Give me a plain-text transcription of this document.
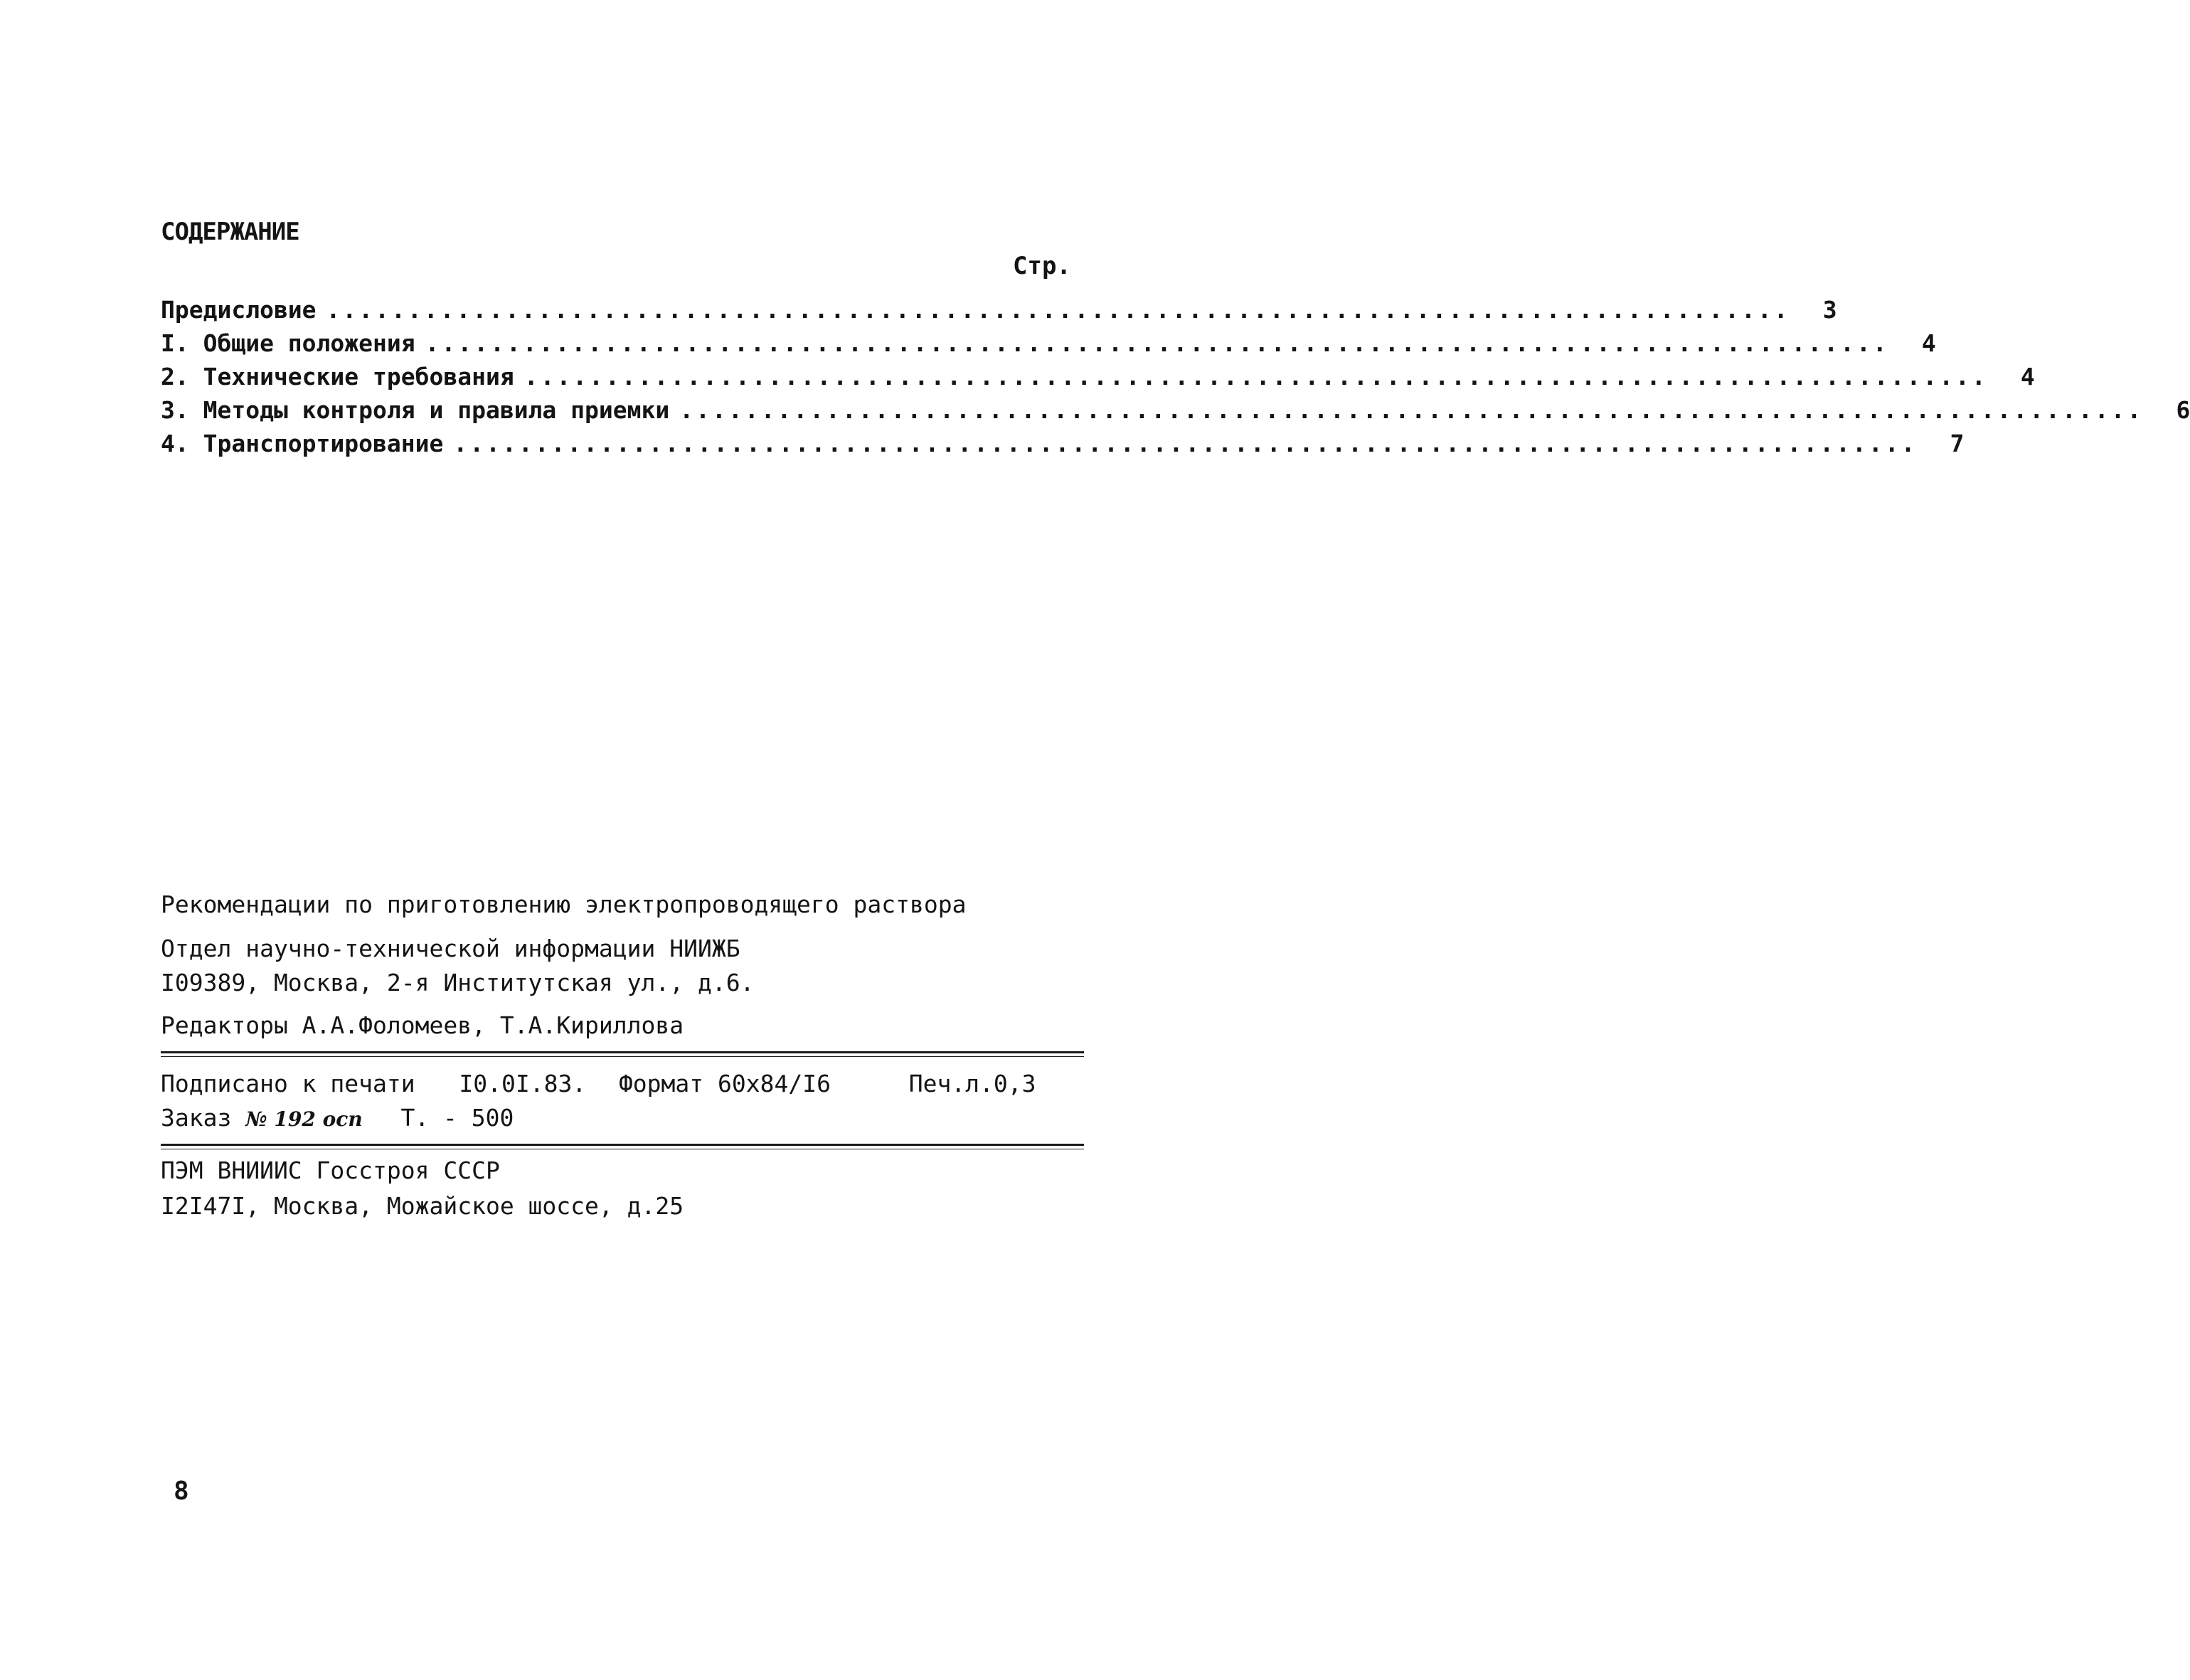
СОДЕРЖАНИЕ
Стр.
Предисловие ..........................................................................................	3
I. Общие положения ..........................................................................................	4
2. Технические требования ..........................................................................................	4
3. Методы контроля и правила приемки ..........................................................................................	6
4. Транспортирование ..........................................................................................	7
Рекомендации по приготовлению электропроводящего раствора
Отдел научно-технической информации НИИЖБ
I09389, Москва, 2-я Институтская ул., д.6.
Редакторы А.А.Фоломеев, Т.А.Кириллова
Подписано к печати I0.0I.83. Формат 60х84/I6	Печ.л.0,3
Заказ № 192 осп Т. - 500
ПЭМ ВНИИИС Госстроя СССР
I2I47I, Москва, Можайское шоссе, д.25
8
